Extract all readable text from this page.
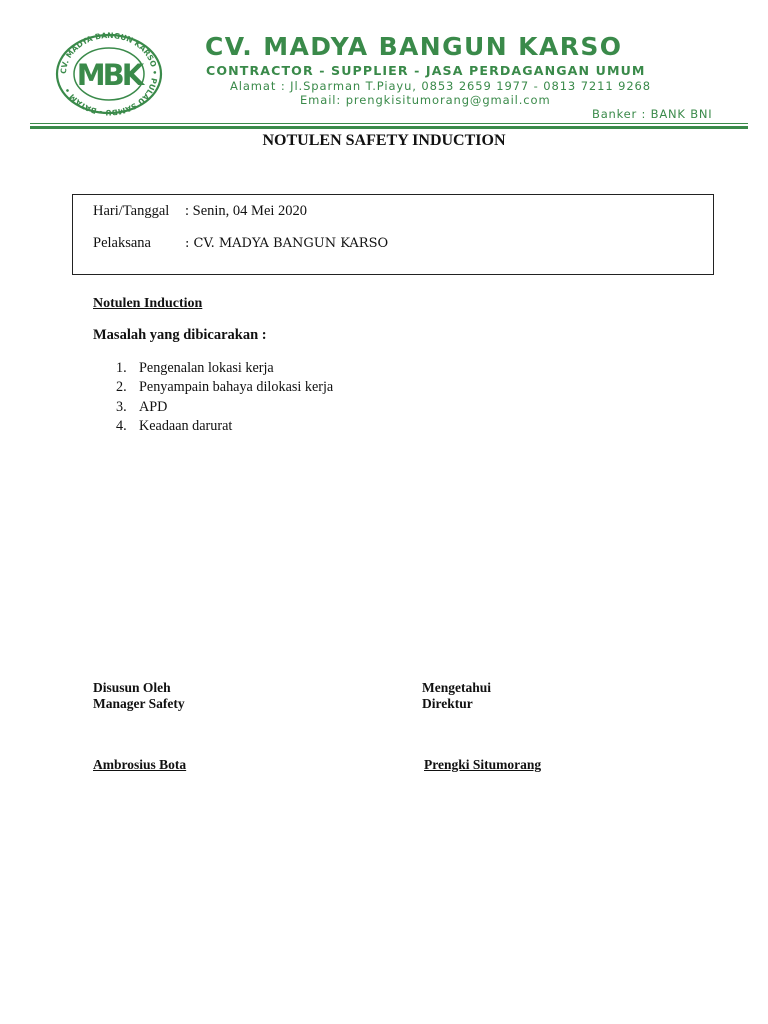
CV. MADYA BANGUN KARSO • PULAU SAMBU - BATAM • MBK
CV. MADYA BANGUN KARSO
CONTRACTOR - SUPPLIER - JASA PERDAGANGAN UMUM
Alamat : Jl.Sparman T.Piayu, 0853 2659 1977 - 0813 7211 9268
Email: prengkisitumorang@gmail.com
Banker : BANK BNI
NOTULEN SAFETY INDUCTION
Hari/Tanggal : Senin, 04 Mei 2020
Pelaksana	: CV. MADYA BANGUN KARSO
Notulen Induction
Masalah yang dibicarakan :
1. Pengenalan lokasi kerja
2. Penyampain bahaya dilokasi kerja
3. APD
4. Keadaan darurat
Disusun Oleh
Manager Safety
Ambrosius Bota
Mengetahui
Direktur
Prengki Situmorang
